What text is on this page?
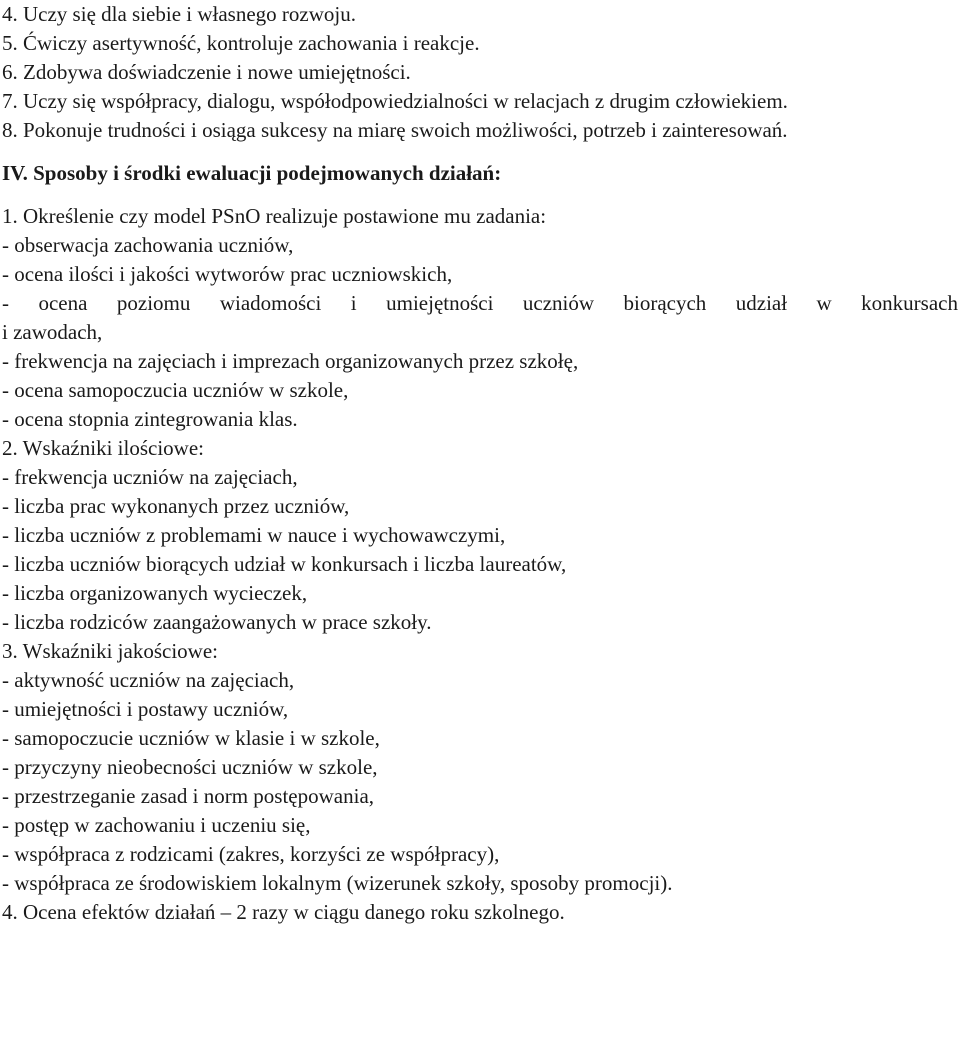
4. Uczy się dla siebie i własnego rozwoju.
5. Ćwiczy asertywność, kontroluje zachowania i reakcje.
6. Zdobywa doświadczenie i nowe umiejętności.
7. Uczy się współpracy, dialogu, współodpowiedzialności w relacjach z drugim człowiekiem.
8. Pokonuje trudności i osiąga sukcesy na miarę swoich możliwości, potrzeb i zainteresowań.
IV. Sposoby i środki ewaluacji podejmowanych działań:
1. Określenie czy model PSnO realizuje postawione mu zadania:
- obserwacja zachowania uczniów,
- ocena ilości i jakości wytworów prac uczniowskich,
- ocena poziomu wiadomości i umiejętności uczniów biorących udział w konkursach
i zawodach,
- frekwencja na zajęciach i imprezach organizowanych przez szkołę,
- ocena samopoczucia uczniów w szkole,
- ocena stopnia zintegrowania klas.
2. Wskaźniki ilościowe:
- frekwencja uczniów na zajęciach,
- liczba prac wykonanych przez uczniów,
- liczba uczniów z problemami w nauce i wychowawczymi,
- liczba uczniów biorących udział w konkursach i liczba laureatów,
- liczba organizowanych wycieczek,
- liczba rodziców zaangażowanych w prace szkoły.
3. Wskaźniki jakościowe:
- aktywność uczniów na zajęciach,
- umiejętności i postawy uczniów,
- samopoczucie uczniów w klasie i w szkole,
- przyczyny nieobecności uczniów w szkole,
- przestrzeganie zasad i norm postępowania,
- postęp w zachowaniu i uczeniu się,
- współpraca z rodzicami (zakres, korzyści ze współpracy),
- współpraca ze środowiskiem lokalnym (wizerunek szkoły, sposoby promocji).
4. Ocena efektów działań – 2 razy w ciągu danego roku szkolnego.
